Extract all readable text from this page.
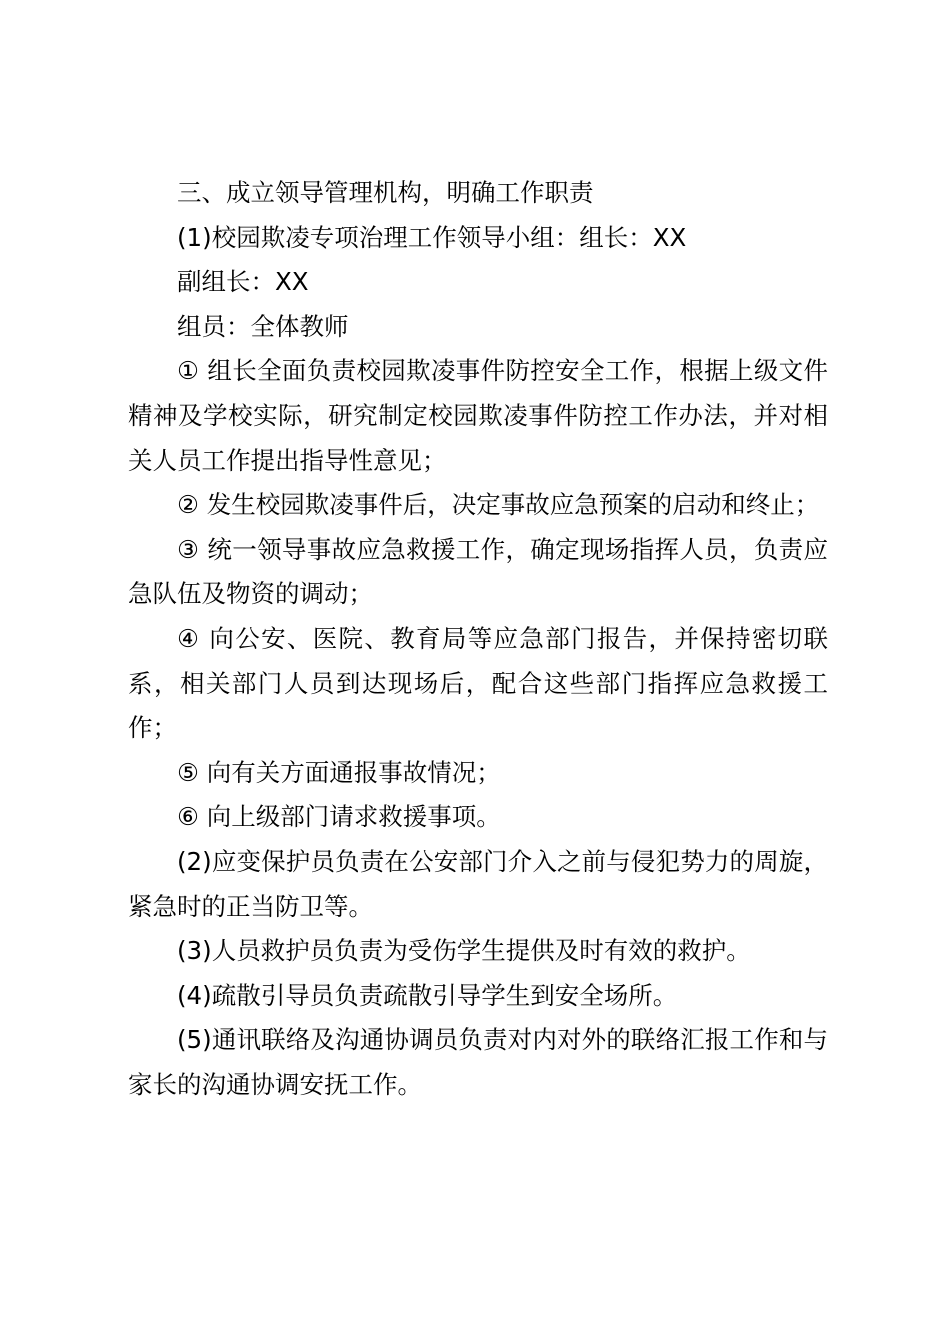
三、成立领导管理机构，明确工作职责

(1)校园欺凌专项治理工作领导小组：组长：XX

副组长：XX

组员：全体教师

① 组长全面负责校园欺凌事件防控安全工作，根据上级文件精神及学校实际，研究制定校园欺凌事件防控工作办法，并对相关人员工作提出指导性意见；

② 发生校园欺凌事件后，决定事故应急预案的启动和终止；

③ 统一领导事故应急救援工作，确定现场指挥人员，负责应急队伍及物资的调动；

④ 向公安、医院、教育局等应急部门报告，并保持密切联系，相关部门人员到达现场后，配合这些部门指挥应急救援工作；

⑤ 向有关方面通报事故情况；

⑥ 向上级部门请求救援事项。

(2)应变保护员负责在公安部门介入之前与侵犯势力的周旋，紧急时的正当防卫等。

(3)人员救护员负责为受伤学生提供及时有效的救护。

(4)疏散引导员负责疏散引导学生到安全场所。

(5)通讯联络及沟通协调员负责对内对外的联络汇报工作和与家长的沟通协调安抚工作。
